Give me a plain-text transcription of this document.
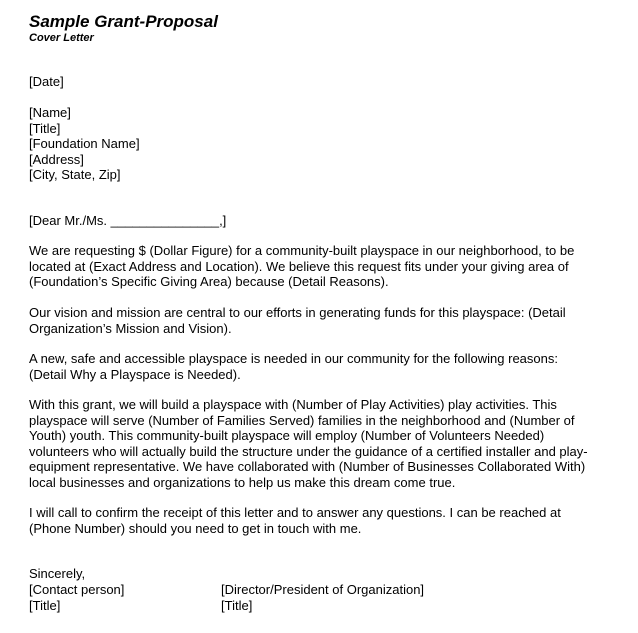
Sample Grant-Proposal
Cover Letter
[Date]
[Name]
[Title]
[Foundation Name]
[Address]
[City, State, Zip]
[Dear Mr./Ms. _______________,]
We are requesting $ (Dollar Figure) for a community-built playspace in our neighborhood, to be
located at (Exact Address and Location). We believe this request fits under your giving area of
(Foundation’s Specific Giving Area) because (Detail Reasons).
Our vision and mission are central to our efforts in generating funds for this playspace: (Detail
Organization’s Mission and Vision).
A new, safe and accessible playspace is needed in our community for the following reasons:
(Detail Why a Playspace is Needed).
With this grant, we will build a playspace with (Number of Play Activities) play activities. This
playspace will serve (Number of Families Served) families in the neighborhood and (Number of
Youth) youth. This community-built playspace will employ (Number of Volunteers Needed)
volunteers who will actually build the structure under the guidance of a certified installer and play-
equipment representative. We have collaborated with (Number of Businesses Collaborated With)
local businesses and organizations to help us make this dream come true.
I will call to confirm the receipt of this letter and to answer any questions. I can be reached at
(Phone Number) should you need to get in touch with me.
Sincerely,
[Contact person]
[Title]
[Director/President of Organization]
[Title]
